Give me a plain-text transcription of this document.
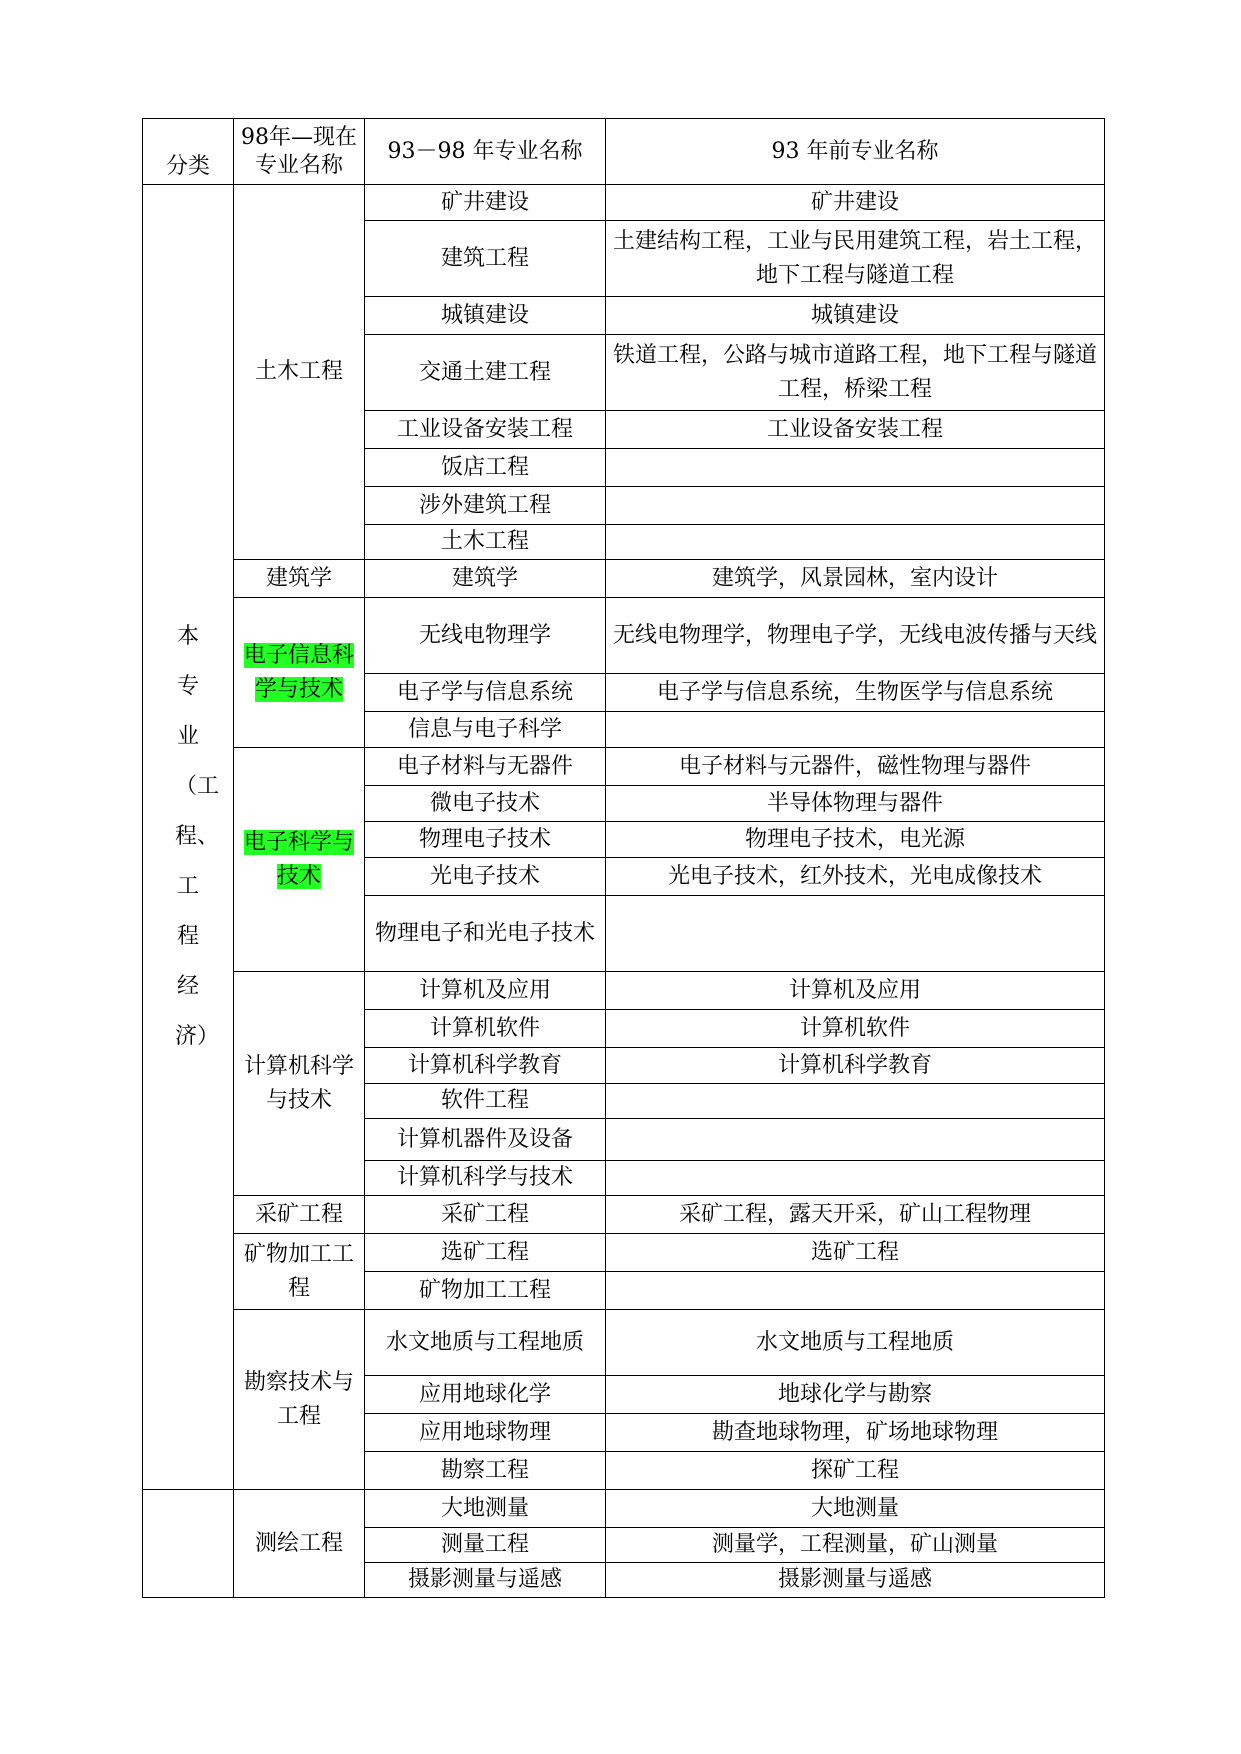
分类	98年—现在专业名称	93－98 年专业名称	93 年前专业名称
本专业（工程、工程经济）	土木工程	矿井建设	矿井建设
		建筑工程	土建结构工程，工业与民用建筑工程，岩土工程，地下工程与隧道工程
		城镇建设	城镇建设
		交通土建工程	铁道工程，公路与城市道路工程，地下工程与隧道工程，桥梁工程
		工业设备安装工程	工业设备安装工程
		饭店工程	
		涉外建筑工程	
		土木工程	
	建筑学	建筑学	建筑学，风景园林，室内设计
	电子信息科学与技术	无线电物理学	无线电物理学，物理电子学，无线电波传播与天线
		电子学与信息系统	电子学与信息系统，生物医学与信息系统
		信息与电子科学	
	电子科学与技术	电子材料与无器件	电子材料与元器件，磁性物理与器件
		微电子技术	半导体物理与器件
		物理电子技术	物理电子技术，电光源
		光电子技术	光电子技术，红外技术，光电成像技术
		物理电子和光电子技术	
	计算机科学与技术	计算机及应用	计算机及应用
		计算机软件	计算机软件
		计算机科学教育	计算机科学教育
		软件工程	
		计算机器件及设备	
		计算机科学与技术	
	采矿工程	采矿工程	采矿工程，露天开采，矿山工程物理
	矿物加工工程	选矿工程	选矿工程
		矿物加工工程	
	勘察技术与工程	水文地质与工程地质	水文地质与工程地质
		应用地球化学	地球化学与勘察
		应用地球物理	勘查地球物理，矿场地球物理
		勘察工程	探矿工程
	测绘工程	大地测量	大地测量
		测量工程	测量学，工程测量，矿山测量
		摄影测量与遥感	摄影测量与遥感
